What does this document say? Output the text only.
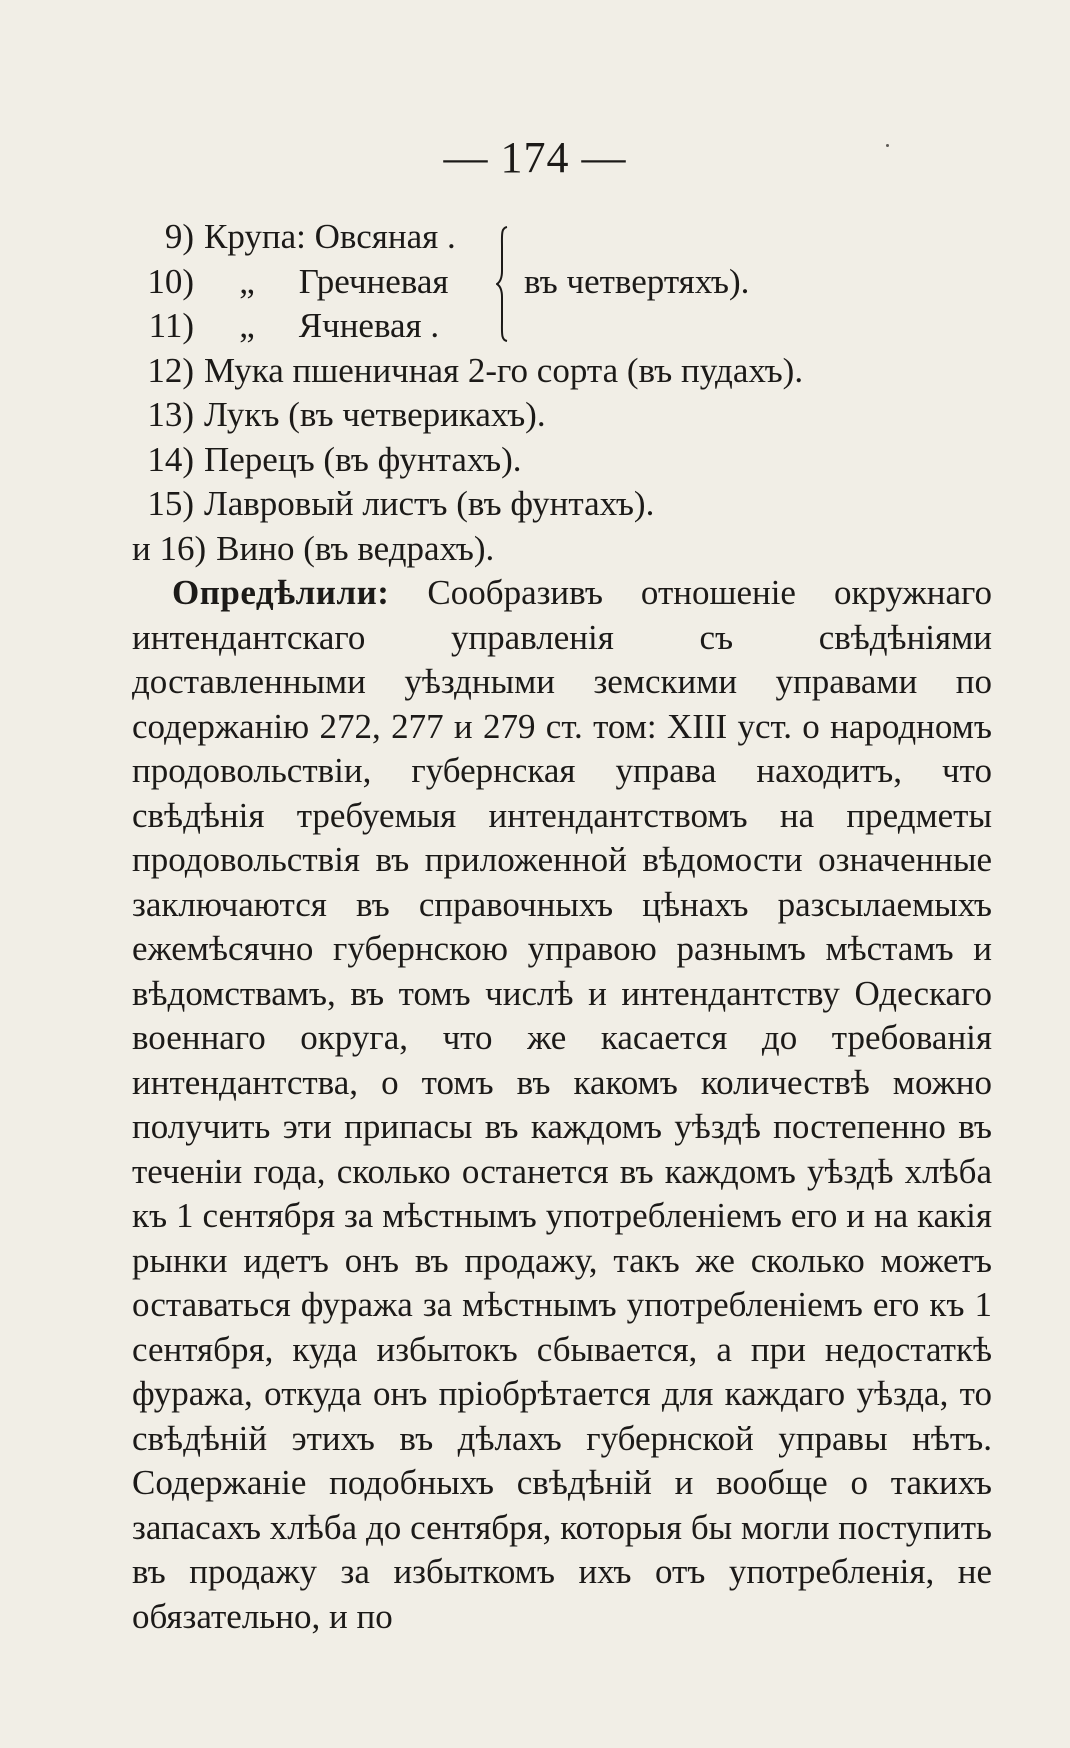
— 174 —
9) Крупа: Овсяная .
10) „ Гречневая
11) „ Ячневая .
въ четвертяхъ).
12) Мука пшеничная 2-го сорта (въ пудахъ).
13) Лукъ (въ четверикахъ).
14) Перецъ (въ фунтахъ).
15) Лавровый листъ (въ фунтахъ).
и 16) Вино (въ ведрахъ).

Опредѣлили: Сообразивъ отношеніе окружнаго интендантскаго управленія съ свѣдѣніями доставленными уѣздными земскими управами по содержанію 272, 277 и 279 ст. том: XIII уст. о народномъ продовольствіи, губернская управа находитъ, что свѣдѣнія требуемыя интендантствомъ на предметы продовольствія въ приложенной вѣдомости означенные заключаются въ справочныхъ цѣнахъ разсылаемыхъ ежемѣсячно губернскою управою разнымъ мѣстамъ и вѣдомствамъ, въ томъ числѣ и интендантству Одескаго военнаго округа, что же касается до требованія интендантства, о томъ въ какомъ количествѣ можно получить эти припасы въ каждомъ уѣздѣ постепенно въ теченіи года, сколько останется въ каждомъ уѣздѣ хлѣба къ 1 сентября за мѣстнымъ употребленіемъ его и на какія рынки идетъ онъ въ продажу, такъ же сколько можетъ оставаться фуража за мѣстнымъ употребленіемъ его къ 1 сентября, куда избытокъ сбывается, а при недостаткѣ фуража, откуда онъ пріобрѣтается для каждаго уѣзда, то свѣдѣній этихъ въ дѣлахъ губернской управы нѣтъ. Содержаніе подобныхъ свѣдѣній и вообще о такихъ запасахъ хлѣба до сентября, которыя бы могли поступить въ продажу за избыткомъ ихъ отъ употребленія, не обязательно, и по
